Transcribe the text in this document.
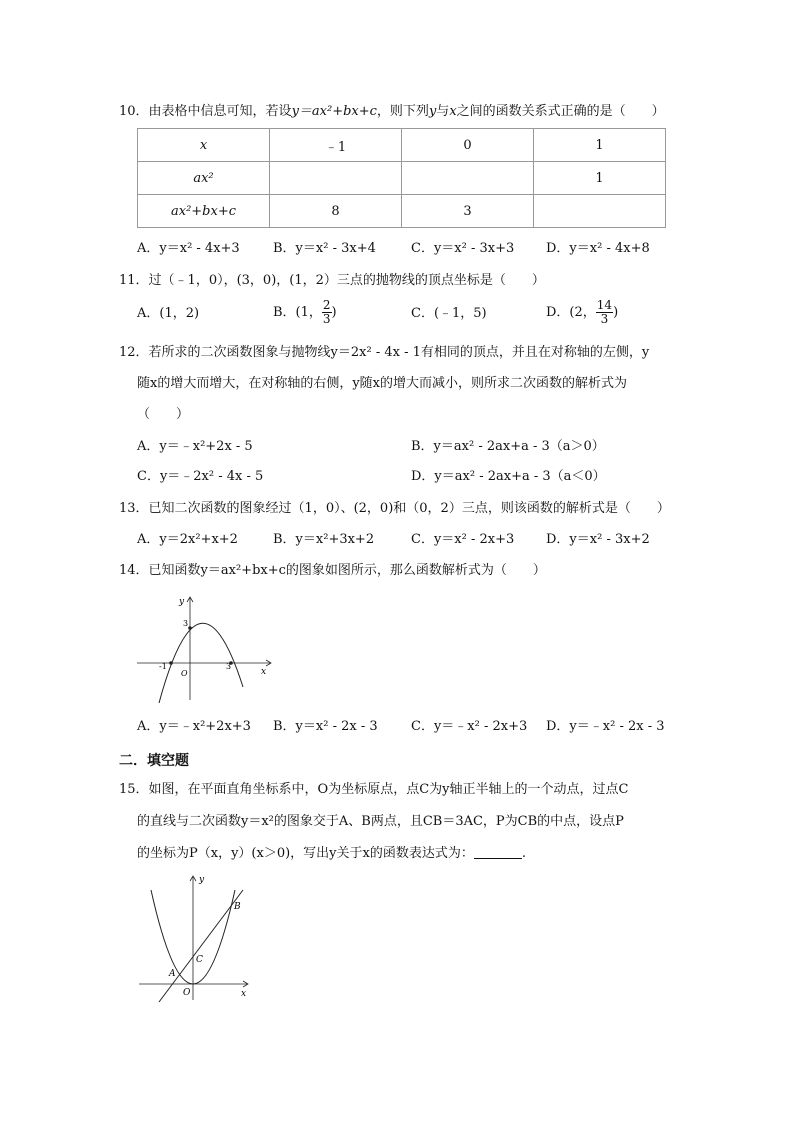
10．由表格中信息可知，若设y＝ax²+bx+c，则下列y与x之间的函数关系式正确的是（　　）
x	﹣1	0	1
ax²			1
ax²+bx+c	8	3	
A．y＝x² - 4x+3	B．y＝x² - 3x+4	C．y＝x² - 3x+3 D．y＝x² - 4x+8
11．过（﹣1，0），(3，0)，(1，2）三点的抛物线的顶点坐标是（　　）
A．(1，2)	B．(1， $\frac{2}{3}$ )	C．(﹣1，5)	D．(2， $\frac{14}{3}$ )
12．若所求的二次函数图象与抛物线y＝2x² - 4x - 1有相同的顶点，并且在对称轴的左侧，y
随x的增大而增大，在对称轴的右侧，y随x的增大而减小，则所求二次函数的解析式为
（　　）
A．y＝﹣x²+2x - 5	B．y＝ax² - 2ax+a - 3（a＞0）
C．y＝﹣2x² - 4x - 5	D．y＝ax² - 2ax+a - 3（a＜0）
13．已知二次函数的图象经过（1，0）、(2，0)和（0，2）三点，则该函数的解析式是（　　）
A．y＝2x²+x+2	B．y＝x²+3x+2	C．y＝x² - 2x+3 D．y＝x² - 3x+2
14．已知函数y＝ax²+bx+c的图象如图所示，那么函数解析式为（　　）
y
x
O
-1	3
3
A．y＝﹣x²+2x+3 B．y＝x² - 2x - 3	C．y＝﹣x² - 2x+3 D．y＝﹣x² - 2x - 3
二．填空题
15．如图，在平面直角坐标系中，O为坐标原点，点C为y轴正半轴上的一个动点，过点C
的直线与二次函数y＝x²的图象交于A、B两点，且CB＝3AC，P为CB的中点，设点P
的坐标为P（x，y）(x＞0)，写出y关于x的函数表达式为：	.
y
x
O
A
B
C
